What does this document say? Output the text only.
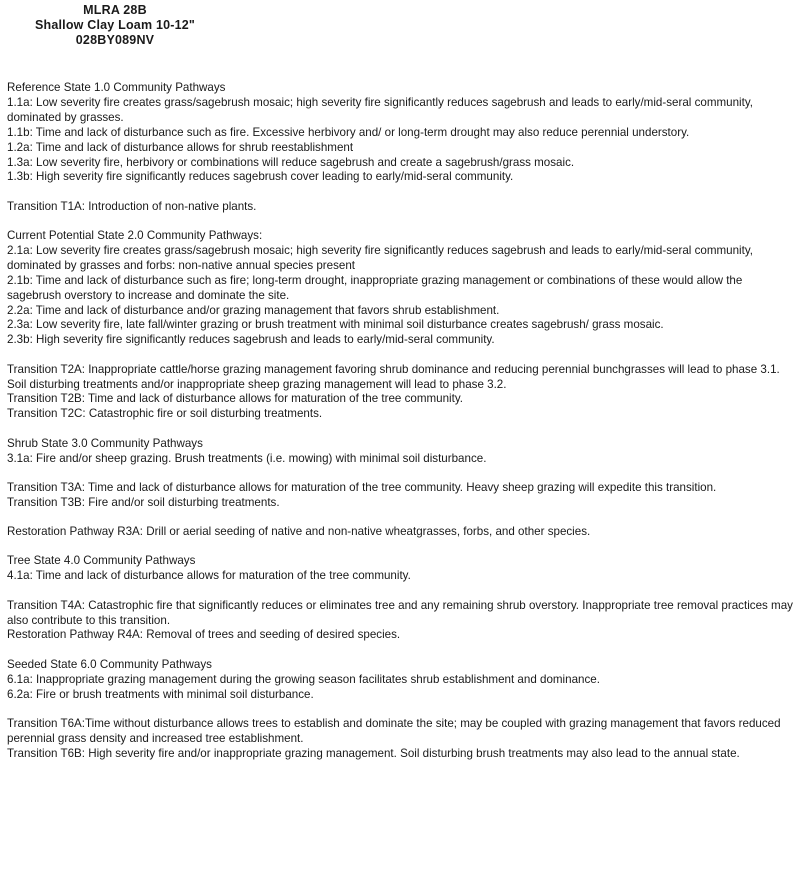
MLRA 28B
Shallow Clay Loam 10-12"
028BY089NV

Reference State 1.0 Community Pathways

1.1a: Low severity fire creates grass/sagebrush mosaic; high severity fire significantly reduces sagebrush and leads to early/mid-seral community, dominated by grasses.

1.1b: Time and lack of disturbance such as fire. Excessive herbivory and/ or long-term drought may also reduce perennial understory.

1.2a: Time and lack of disturbance allows for shrub reestablishment

1.3a: Low severity fire, herbivory or combinations will reduce sagebrush and create a sagebrush/grass mosaic.

1.3b: High severity fire significantly reduces sagebrush cover leading to early/mid-seral community.

Transition T1A: Introduction of non-native plants.

Current Potential State 2.0 Community Pathways:

2.1a: Low severity fire creates grass/sagebrush mosaic; high severity fire significantly reduces sagebrush and leads to early/mid-seral community, dominated by grasses and forbs: non-native annual species present

2.1b: Time and lack of disturbance such as fire; long-term drought, inappropriate grazing management or combinations of these would allow the sagebrush overstory to increase and dominate the site.

2.2a: Time and lack of disturbance and/or grazing management that favors shrub establishment.

2.3a: Low severity fire, late fall/winter grazing or brush treatment with minimal soil disturbance creates sagebrush/ grass mosaic.

2.3b: High severity fire significantly reduces sagebrush and leads to early/mid-seral community.

Transition T2A: Inappropriate cattle/horse grazing management favoring shrub dominance and reducing perennial bunchgrasses will lead to phase 3.1. Soil disturbing treatments and/or inappropriate sheep grazing management will lead to phase 3.2.

Transition T2B: Time and lack of disturbance allows for maturation of the tree community.

Transition T2C: Catastrophic fire or soil disturbing treatments.

Shrub State 3.0 Community Pathways

3.1a: Fire and/or sheep grazing. Brush treatments (i.e. mowing) with minimal soil disturbance.

Transition T3A: Time and lack of disturbance allows for maturation of the tree community. Heavy sheep grazing will expedite this transition.

Transition T3B: Fire and/or soil disturbing treatments.

Restoration Pathway R3A: Drill or aerial seeding of native and non-native wheatgrasses, forbs, and other species.

Tree State 4.0 Community Pathways

4.1a: Time and lack of disturbance allows for maturation of the tree community.

Transition T4A: Catastrophic fire that significantly reduces or eliminates tree and any remaining shrub overstory. Inappropriate tree removal practices may also contribute to this transition.

Restoration Pathway R4A: Removal of trees and seeding of desired species.

Seeded State 6.0 Community Pathways

6.1a: Inappropriate grazing management during the growing season facilitates shrub establishment and dominance.

6.2a: Fire or brush treatments with minimal soil disturbance.

Transition T6A:Time without disturbance allows trees to establish and dominate the site; may be coupled with grazing management that favors reduced perennial grass density and increased tree establishment.

Transition T6B: High severity fire and/or inappropriate grazing management. Soil disturbing brush treatments may also lead to the annual state.
